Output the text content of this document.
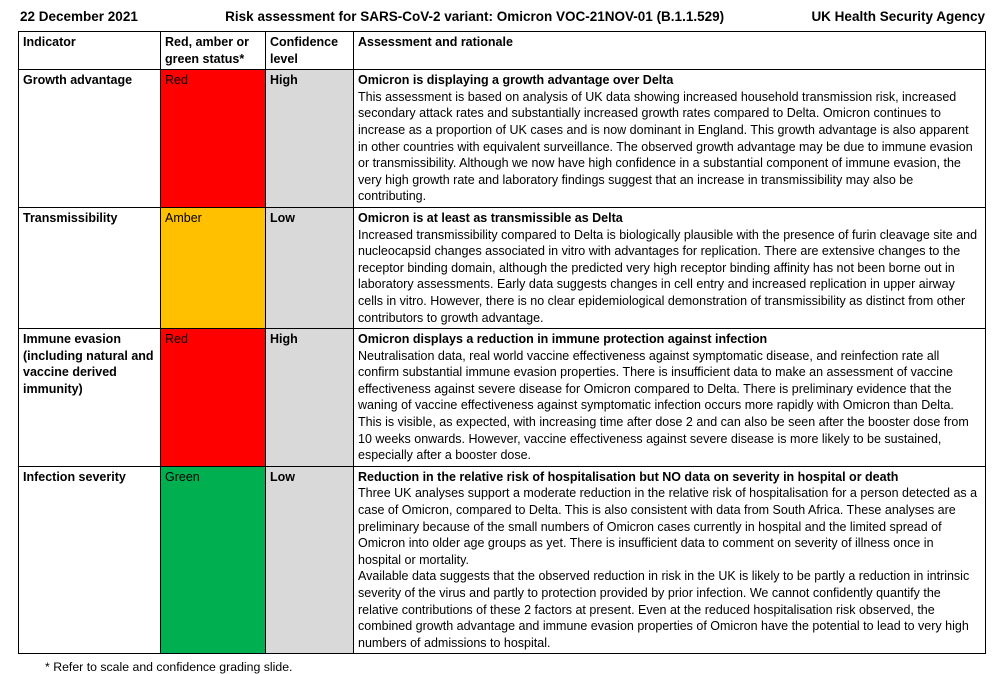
22 December 2021	Risk assessment for SARS-CoV-2 variant: Omicron VOC-21NOV-01 (B.1.1.529)	UK Health Security Agency
Indicator	Red, amber or green status*	Confidence level	Assessment and rationale
Growth advantage	Red	High	Omicron is displaying a growth advantage over Delta
This assessment is based on analysis of UK data showing increased household transmission risk, increased secondary attack rates and substantially increased growth rates compared to Delta. Omicron continues to increase as a proportion of UK cases and is now dominant in England. This growth advantage is also apparent in other countries with equivalent surveillance. The observed growth advantage may be due to immune evasion or transmissibility. Although we now have high confidence in a substantial component of immune evasion, the very high growth rate and laboratory findings suggest that an increase in transmissibility may also be contributing.

Transmissibility	Amber	Low	Omicron is at least as transmissible as Delta
Increased transmissibility compared to Delta is biologically plausible with the presence of furin cleavage site and nucleocapsid changes associated in vitro with advantages for replication. There are extensive changes to the receptor binding domain, although the predicted very high receptor binding affinity has not been borne out in laboratory assessments. Early data suggests changes in cell entry and increased replication in upper airway cells in vitro. However, there is no clear epidemiological demonstration of transmissibility as distinct from other contributors to growth advantage.

Immune evasion (including natural and vaccine derived immunity)	Red	High	Omicron displays a reduction in immune protection against infection
Neutralisation data, real world vaccine effectiveness against symptomatic disease, and reinfection rate all confirm substantial immune evasion properties. There is insufficient data to make an assessment of vaccine effectiveness against severe disease for Omicron compared to Delta. There is preliminary evidence that the waning of vaccine effectiveness against symptomatic infection occurs more rapidly with Omicron than Delta. This is visible, as expected, with increasing time after dose 2 and can also be seen after the booster dose from 10 weeks onwards. However, vaccine effectiveness against severe disease is more likely to be sustained, especially after a booster dose.

Infection severity	Green	Low	Reduction in the relative risk of hospitalisation but NO data on severity in hospital or death
Three UK analyses support a moderate reduction in the relative risk of hospitalisation for a person detected as a case of Omicron, compared to Delta. This is also consistent with data from South Africa. These analyses are preliminary because of the small numbers of Omicron cases currently in hospital and the limited spread of Omicron into older age groups as yet. There is insufficient data to comment on severity of illness once in hospital or mortality.
Available data suggests that the observed reduction in risk in the UK is likely to be partly a reduction in intrinsic severity of the virus and partly to protection provided by prior infection. We cannot confidently quantify the relative contributions of these 2 factors at present. Even at the reduced hospitalisation risk observed, the combined growth advantage and immune evasion properties of Omicron have the potential to lead to very high numbers of admissions to hospital.
* Refer to scale and confidence grading slide.
